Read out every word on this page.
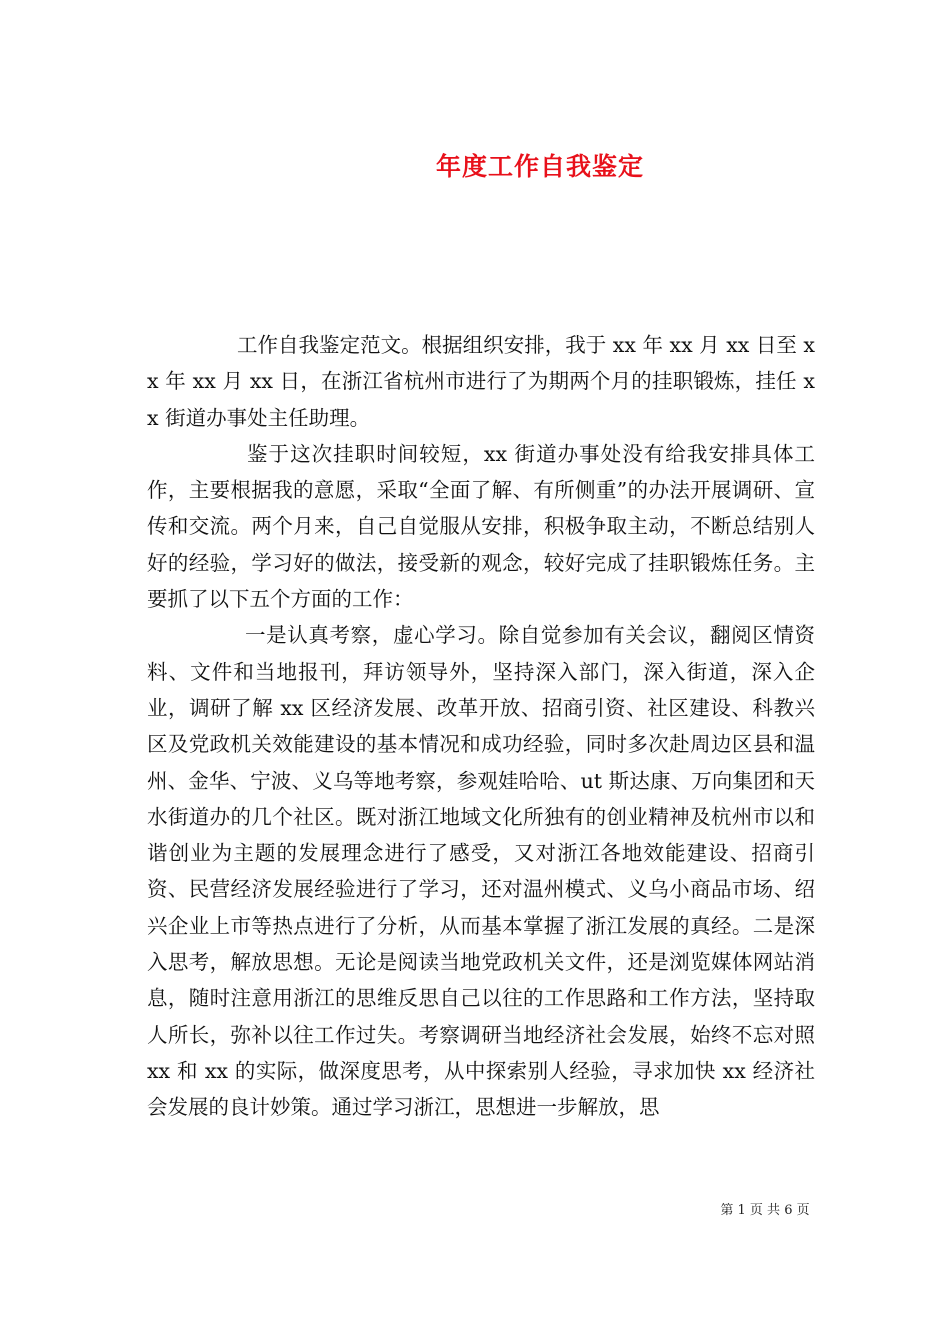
年度工作自我鉴定

工作自我鉴定范文。根据组织安排，我于 xx 年 xx 月 xx 日至 xx 年 xx 月 xx 日，在浙江省杭州市进行了为期两个月的挂职锻炼，挂任 xx 街道办事处主任助理。

鉴于这次挂职时间较短，xx 街道办事处没有给我安排具体工作，主要根据我的意愿，采取“全面了解、有所侧重”的办法开展调研、宣传和交流。两个月来，自己自觉服从安排，积极争取主动，不断总结别人好的经验，学习好的做法，接受新的观念，较好完成了挂职锻炼任务。主要抓了以下五个方面的工作：

一是认真考察，虚心学习。除自觉参加有关会议，翻阅区情资料、文件和当地报刊，拜访领导外，坚持深入部门，深入街道，深入企业，调研了解 xx 区经济发展、改革开放、招商引资、社区建设、科教兴区及党政机关效能建设的基本情况和成功经验，同时多次赴周边区县和温州、金华、宁波、义乌等地考察，参观娃哈哈、ut 斯达康、万向集团和天水街道办的几个社区。既对浙江地域文化所独有的创业精神及杭州市以和谐创业为主题的发展理念进行了感受，又对浙江各地效能建设、招商引资、民营经济发展经验进行了学习，还对温州模式、义乌小商品市场、绍兴企业上市等热点进行了分析，从而基本掌握了浙江发展的真经。二是深入思考，解放思想。无论是阅读当地党政机关文件，还是浏览媒体网站消息，随时注意用浙江的思维反思自己以往的工作思路和工作方法，坚持取人所长，弥补以往工作过失。考察调研当地经济社会发展，始终不忘对照 xx 和 xx 的实际，做深度思考，从中探索别人经验，寻求加快 xx 经济社会发展的良计妙策。通过学习浙江，思想进一步解放，思

第 1 页 共 6 页
